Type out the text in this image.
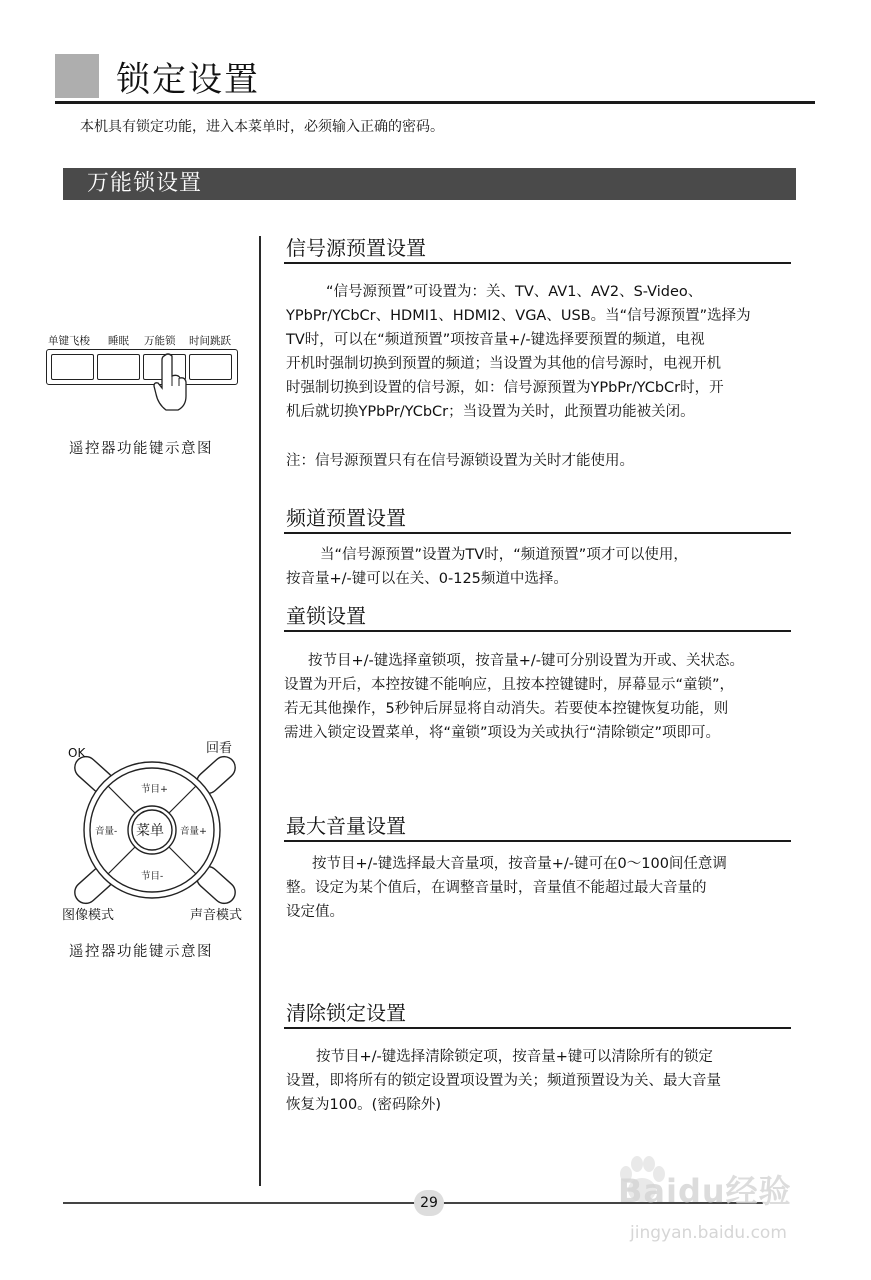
锁定设置
本机具有锁定功能，进入本菜单时，必须输入正确的密码。
万能锁设置
单键飞梭 睡眠 万能锁 时间跳跃
遥控器功能键示意图
OK	回看
节目+
节目-
音量-	音量+
菜单
图像模式	声音模式
遥控器功能键示意图
信号源预置设置

“信号源预置”可设置为：关、TV、AV1、AV2、S-Video、

YPbPr/YCbCr、HDMI1、HDMI2、VGA、USB。当“信号源预置”选择为

TV时，可以在“频道预置”项按音量+/-键选择要预置的频道，电视

开机时强制切换到预置的频道；当设置为其他的信号源时，电视开机

时强制切换到设置的信号源，如：信号源预置为YPbPr/YCbCr时，开

机后就切换YPbPr/YCbCr；当设置为关时，此预置功能被关闭。

注：信号源预置只有在信号源锁设置为关时才能使用。
频道预置设置

当“信号源预置”设置为TV时，“频道预置”项才可以使用，

按音量+/-键可以在关、0-125频道中选择。

童锁设置

按节目+/-键选择童锁项，按音量+/-键可分别设置为开或、关状态。

设置为开后，本控按键不能响应，且按本控键键时，屏幕显示“童锁”，

若无其他操作，5秒钟后屏显将自动消失。若要使本控键恢复功能，则

需进入锁定设置菜单，将“童锁”项设为关或执行“清除锁定”项即可。

最大音量设置

按节目+/-键选择最大音量项，按音量+/-键可在0～100间任意调

整。设定为某个值后，在调整音量时，音量值不能超过最大音量的

设定值。

清除锁定设置

按节目+/-键选择清除锁定项，按音量+键可以清除所有的锁定

设置，即将所有的锁定设置项设置为关；频道预置设为关、最大音量

恢复为100。(密码除外)

29	Baidu经验
jingyan.baidu.com
